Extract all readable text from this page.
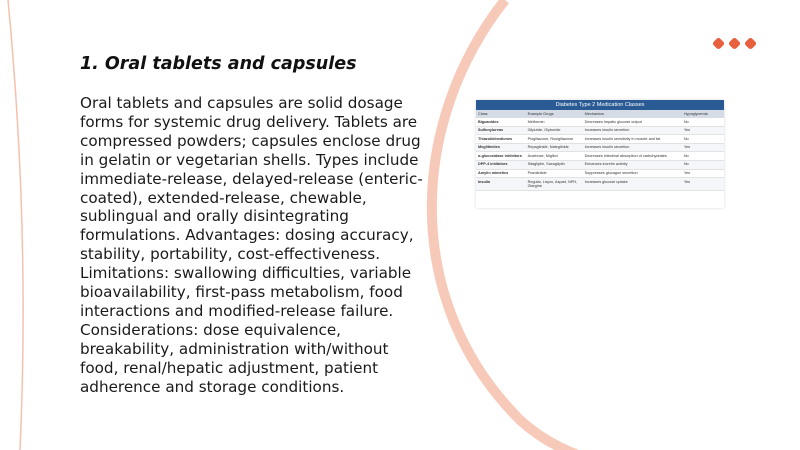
1. Oral tablets and capsules

Oral tablets and capsules are solid dosage forms for systemic drug delivery. Tablets are compressed powders; capsules enclose drug in gelatin or vegetarian shells. Types include immediate-release, delayed-release (enteric-coated), extended-release, chewable, sublingual and orally disintegrating formulations. Advantages: dosing accuracy, stability, portability, cost-effectiveness. Limitations: swallowing difficulties, variable bioavailability, first-pass metabolism, food interactions and modified-release failure. Considerations: dose equivalence, breakability, administration with/without food, renal/hepatic adjustment, patient adherence and storage conditions.

Diabetes Type 2 Medication Classes
Class	Example Drugs	Mechanism	Hypoglycemia
Biguanides	Metformin	Decreases hepatic glucose output	No
Sulfonylureas	Glipizide, Glyburide	Increases insulin secretion	Yes
Thiazolidinediones	Pioglitazone, Rosiglitazone	Increases insulin sensitivity in muscle and fat	No
Meglitinides	Repaglinide, Nateglinide	Increases insulin secretion	Yes
α-glucosidase inhibitors	Acarbose, Miglitol	Decreases intestinal absorption of carbohydrates	No
DPP-4 inhibitors	Sitagliptin, Saxagliptin	Enhances incretin activity	No
Amylin mimetics	Pramlintide	Suppresses glucagon secretion	Yes
Insulin	Regular, Lispro, Aspart, NPH, Glargine	Increases glucose uptake	Yes
